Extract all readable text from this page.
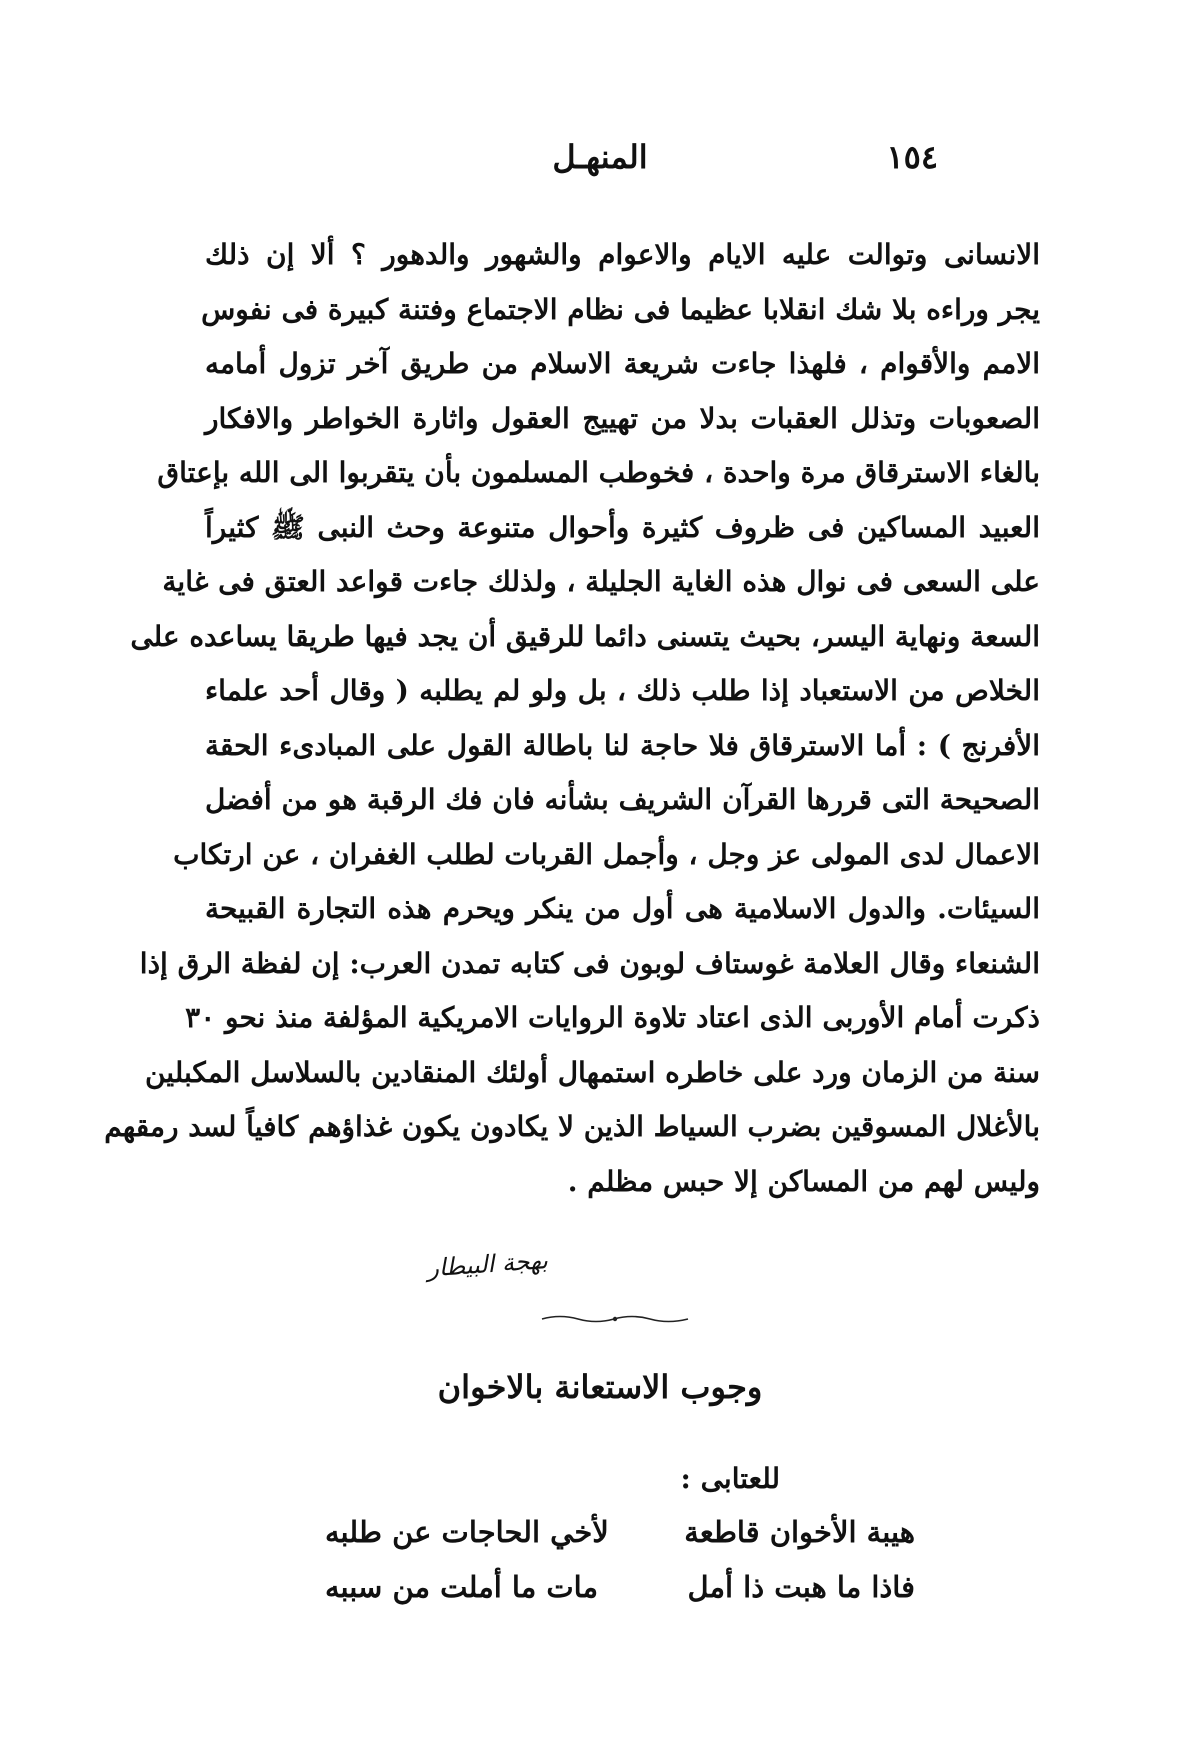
١٥٤
المنهـل
الانسانى وتوالت عليه الايام والاعوام والشهور والدهور ؟ ألا إن ذلك
يجر وراءه بلا شك انقلابا عظيما فى نظام الاجتماع وفتنة كبيرة فى نفوس
الامم والأقوام ، فلهذا جاءت شريعة الاسلام من طريق آخر تزول أمامه
الصعوبات وتذلل العقبات بدلا من تهييج العقول واثارة الخواطر والافكار
بالغاء الاسترقاق مرة واحدة ، فخوطب المسلمون بأن يتقربوا الى الله بإعتاق
العبيد المساكين فى ظروف كثيرة وأحوال متنوعة وحث النبى ﷺ كثيراً
على السعى فى نوال هذه الغاية الجليلة ، ولذلك جاءت قواعد العتق فى غاية
السعة ونهاية اليسر، بحيث يتسنى دائما للرقيق أن يجد فيها طريقا يساعده على
الخلاص من الاستعباد إذا طلب ذلك ، بل ولو لم يطلبه ( وقال أحد علماء
الأفرنج ) : أما الاسترقاق فلا حاجة لنا باطالة القول على المبادىء الحقة
الصحيحة التى قررها القرآن الشريف بشأنه فان فك الرقبة هو من أفضل
الاعمال لدى المولى عز وجل ، وأجمل القربات لطلب الغفران ، عن ارتكاب
السيئات. والدول الاسلامية هى أول من ينكر ويحرم هذه التجارة القبيحة
الشنعاء وقال العلامة غوستاف لوبون فى كتابه تمدن العرب: إن لفظة الرق إذا
ذكرت أمام الأوربى الذى اعتاد تلاوة الروايات الامريكية المؤلفة منذ نحو ٣٠
سنة من الزمان ورد على خاطره استمهال أولئك المنقادين بالسلاسل المكبلين
بالأغلال المسوقين بضرب السياط الذين لا يكادون يكون غذاؤهم كافياً لسد رمقهم
وليس لهم من المساكن إلا حبس مظلم .
بهجة البيطار
وجوب الاستعانة بالاخوان
للعتابى :
هيبة الأخوان قاطعة
لأخي الحاجات عن طلبه
فاذا ما هبت ذا أمل
مات ما أملت من سببه
